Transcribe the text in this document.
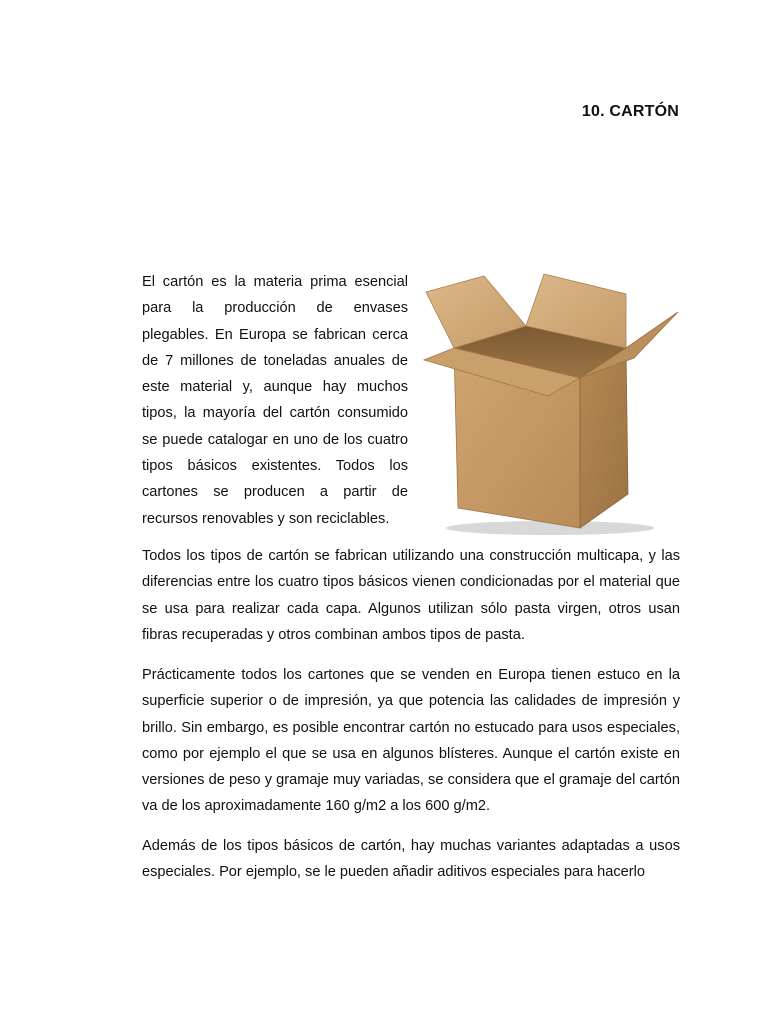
10. CARTÓN

El cartón es la materia prima esencial para la producción de envases plegables. En Europa se fabrican cerca de 7 millones de toneladas anuales de este material y, aunque hay muchos tipos, la mayoría del cartón consumido se puede catalogar en uno de los cuatro tipos básicos existentes. Todos los cartones se producen a partir de recursos renovables y son reciclables.

Todos los tipos de cartón se fabrican utilizando una construcción multicapa, y las diferencias entre los cuatro tipos básicos vienen condicionadas por el material que se usa para realizar cada capa. Algunos utilizan sólo pasta virgen, otros usan fibras recuperadas y otros combinan ambos tipos de pasta.

Prácticamente todos los cartones que se venden en Europa tienen estuco en la superficie superior o de impresión, ya que potencia las calidades de impresión y brillo. Sin embargo, es posible encontrar cartón no estucado para usos especiales, como por ejemplo el que se usa en algunos blísteres. Aunque el cartón existe en versiones de peso y gramaje muy variadas, se considera que el gramaje del cartón va de los aproximadamente 160 g/m2 a los 600 g/m2.

Además de los tipos básicos de cartón, hay muchas variantes adaptadas a usos especiales. Por ejemplo, se le pueden añadir aditivos especiales para hacerlo
